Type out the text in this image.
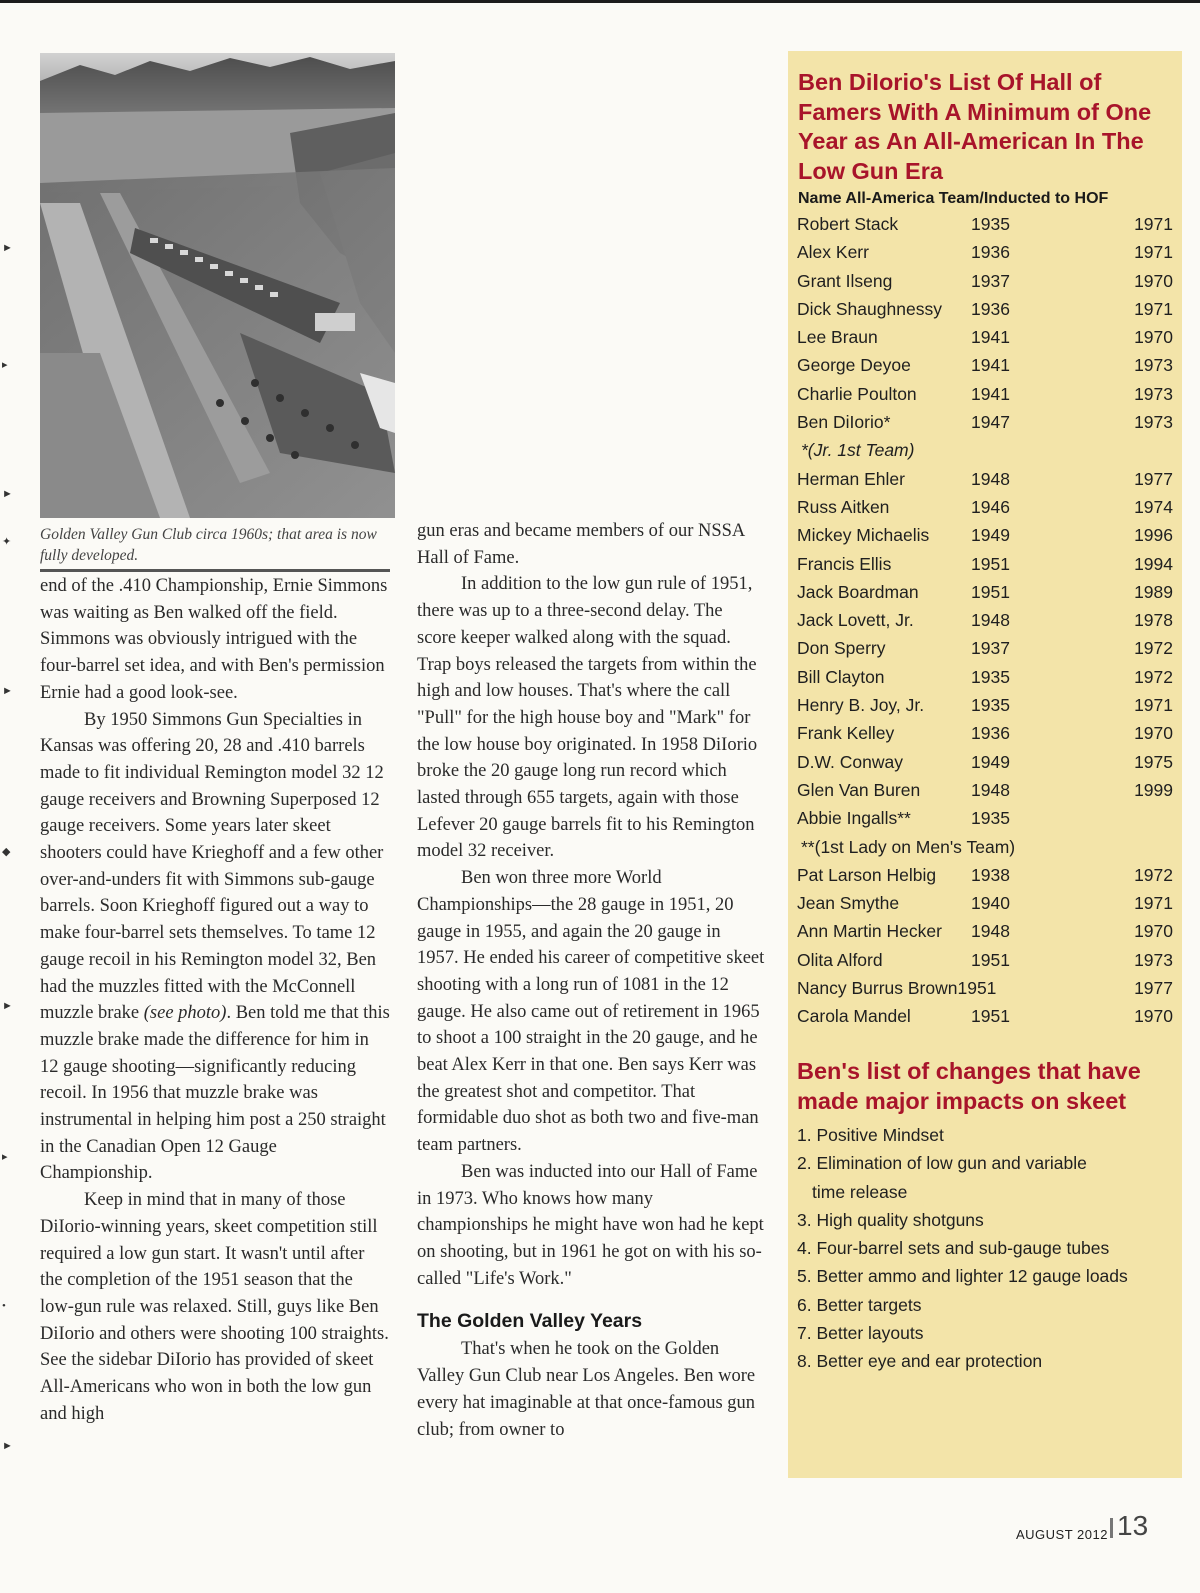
►
▸
►
✦
►
◆
►
▸
•
►
Golden Valley Gun Club circa 1960s; that area is now fully developed.

end of the .410 Championship, Ernie Simmons was waiting as Ben walked off the field. Simmons was obviously intrigued with the four-barrel set idea, and with Ben's permission Ernie had a good look-see.

By 1950 Simmons Gun Specialties in Kansas was offering 20, 28 and .410 barrels made to fit individual Remington model 32 12 gauge receivers and Browning Superposed 12 gauge receivers. Some years later skeet shooters could have Krieghoff and a few other over-and-unders fit with Simmons sub-gauge barrels. Soon Krieghoff figured out a way to make four-barrel sets themselves. To tame 12 gauge recoil in his Remington model 32, Ben had the muzzles fitted with the McConnell muzzle brake (see photo). Ben told me that this muzzle brake made the difference for him in 12 gauge shooting—significantly reducing recoil. In 1956 that muzzle brake was instrumental in helping him post a 250 straight in the Canadian Open 12 Gauge Championship.

Keep in mind that in many of those DiIorio-winning years, skeet competition still required a low gun start. It wasn't until after the completion of the 1951 season that the low-gun rule was relaxed. Still, guys like Ben DiIorio and others were shooting 100 straights. See the sidebar DiIorio has provided of skeet All-Americans who won in both the low gun and high

gun eras and became members of our NSSA Hall of Fame.

In addition to the low gun rule of 1951, there was up to a three-second delay. The score keeper walked along with the squad. Trap boys released the targets from within the high and low houses. That's where the call "Pull" for the high house boy and "Mark" for the low house boy originated. In 1958 DiIorio broke the 20 gauge long run record which lasted through 655 targets, again with those Lefever 20 gauge barrels fit to his Remington model 32 receiver.

Ben won three more World Championships—the 28 gauge in 1951, 20 gauge in 1955, and again the 20 gauge in 1957. He ended his career of competitive skeet shooting with a long run of 1081 in the 12 gauge. He also came out of retirement in 1965 to shoot a 100 straight in the 20 gauge, and he beat Alex Kerr in that one. Ben says Kerr was the greatest shot and competitor. That formidable duo shot as both two and five-man team partners.

Ben was inducted into our Hall of Fame in 1973. Who knows how many championships he might have won had he kept on shooting, but in 1961 he got on with his so-called "Life's Work."

The Golden Valley Years

That's when he took on the Golden Valley Gun Club near Los Angeles. Ben wore every hat imaginable at that once-famous gun club; from owner to

Ben DiIorio's List Of Hall of Famers With A Minimum of One Year as An All-American In The Low Gun Era
Name All-America Team/Inducted to HOF
Robert Stack	1935	1971
Alex Kerr	1936	1971
Grant Ilseng	1937	1970
Dick Shaughnessy 1936	1971
Lee Braun	1941	1970
George Deyoe	1941	1973
Charlie Poulton	1941	1973
Ben DiIorio*	1947	1973
*(Jr. 1st Team)
Herman Ehler	1948	1977
Russ Aitken	1946	1974
Mickey Michaelis 1949	1996
Francis Ellis	1951	1994
Jack Boardman	1951	1989
Jack Lovett, Jr.	1948	1978
Don Sperry	1937	1972
Bill Clayton	1935	1972
Henry B. Joy, Jr.	1935	1971
Frank Kelley	1936	1970
D.W. Conway	1949	1975
Glen Van Buren	1948	1999
Abbie Ingalls**	1935
**(1st Lady on Men's Team)
Pat Larson Helbig 1938	1972
Jean Smythe	1940	1971
Ann Martin Hecker 1948	1970
Olita Alford	1951	1973
Nancy Burrus Brown1951	1977
Carola Mandel	1951	1970
Ben's list of changes that have made major impacts on skeet
1. Positive Mindset
2. Elimination of low gun and variable
time release
3. High quality shotguns
4. Four-barrel sets and sub-gauge tubes
5. Better ammo and lighter 12 gauge loads
6. Better targets
7. Better layouts
8. Better eye and ear protection
AUGUST 2012 13
